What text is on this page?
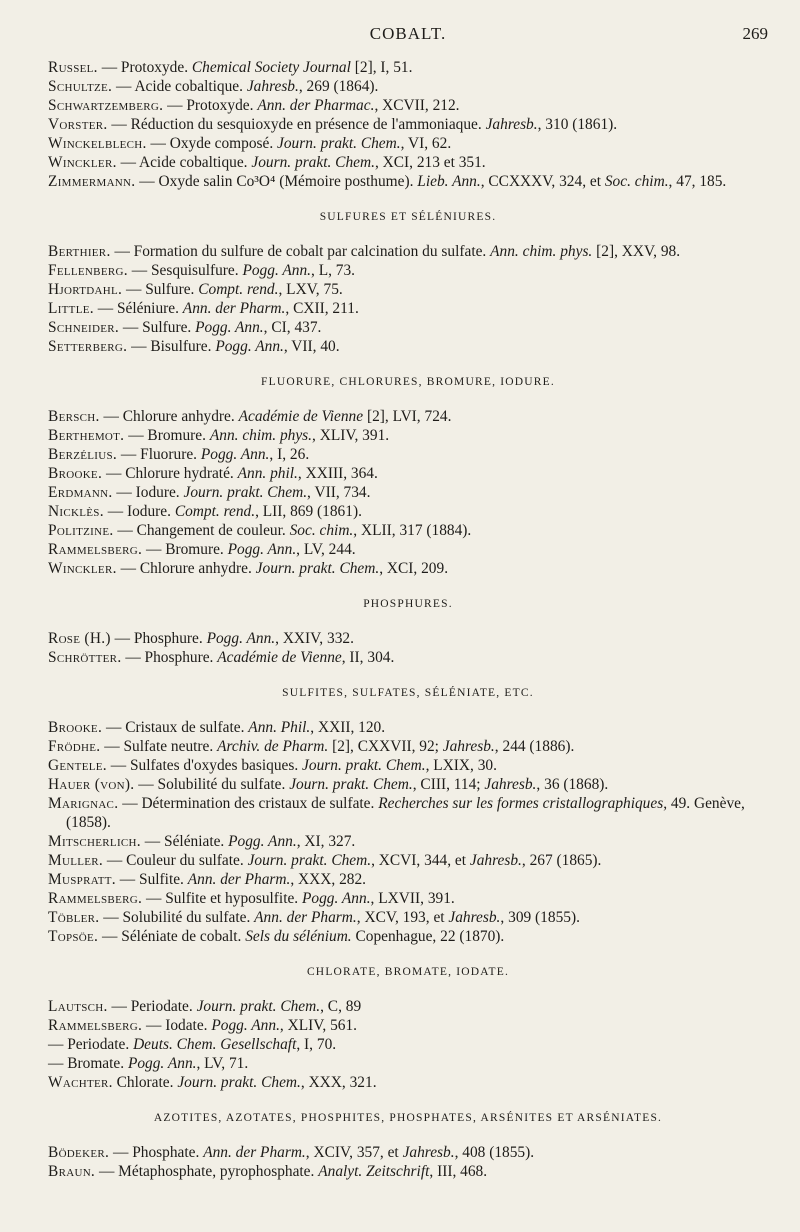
COBALT.	269

Russel. — Protoxyde. Chemical Society Journal [2], I, 51.

Schultze. — Acide cobaltique. Jahresb., 269 (1864).

Schwartzemberg. — Protoxyde. Ann. der Pharmac., XCVII, 212.

Vorster. — Réduction du sesquioxyde en présence de l'ammoniaque. Jahresb., 310 (1861).

Winckelblech. — Oxyde composé. Journ. prakt. Chem., VI, 62.

Winckler. — Acide cobaltique. Journ. prakt. Chem., XCI, 213 et 351.

Zimmermann. — Oxyde salin Co³O⁴ (Mémoire posthume). Lieb. Ann., CCXXXV, 324, et Soc. chim., 47, 185.

SULFURES ET SÉLÉNIURES.

Berthier. — Formation du sulfure de cobalt par calcination du sulfate. Ann. chim. phys. [2], XXV, 98.

Fellenberg. — Sesquisulfure. Pogg. Ann., L, 73.

Hjortdahl. — Sulfure. Compt. rend., LXV, 75.

Little. — Séléniure. Ann. der Pharm., CXII, 211.

Schneider. — Sulfure. Pogg. Ann., CI, 437.

Setterberg. — Bisulfure. Pogg. Ann., VII, 40.

FLUORURE, CHLORURES, BROMURE, IODURE.

Bersch. — Chlorure anhydre. Académie de Vienne [2], LVI, 724.

Berthemot. — Bromure. Ann. chim. phys., XLIV, 391.

Berzélius. — Fluorure. Pogg. Ann., I, 26.

Brooke. — Chlorure hydraté. Ann. phil., XXIII, 364.

Erdmann. — Iodure. Journ. prakt. Chem., VII, 734.

Nicklès. — Iodure. Compt. rend., LII, 869 (1861).

Politzine. — Changement de couleur. Soc. chim., XLII, 317 (1884).

Rammelsberg. — Bromure. Pogg. Ann., LV, 244.

Winckler. — Chlorure anhydre. Journ. prakt. Chem., XCI, 209.

PHOSPHURES.

Rose (H.) — Phosphure. Pogg. Ann., XXIV, 332.

Schrötter. — Phosphure. Académie de Vienne, II, 304.

SULFITES, SULFATES, SÉLÉNIATE, ETC.

Brooke. — Cristaux de sulfate. Ann. Phil., XXII, 120.

Frödhe. — Sulfate neutre. Archiv. de Pharm. [2], CXXVII, 92; Jahresb., 244 (1886).

Gentele. — Sulfates d'oxydes basiques. Journ. prakt. Chem., LXIX, 30.

Hauer (von). — Solubilité du sulfate. Journ. prakt. Chem., CIII, 114; Jahresb., 36 (1868).

Marignac. — Détermination des cristaux de sulfate. Recherches sur les formes cristallographiques, 49. Genève, (1858).

Mitscherlich. — Séléniate. Pogg. Ann., XI, 327.

Muller. — Couleur du sulfate. Journ. prakt. Chem., XCVI, 344, et Jahresb., 267 (1865).

Muspratt. — Sulfite. Ann. der Pharm., XXX, 282.

Rammelsberg. — Sulfite et hyposulfite. Pogg. Ann., LXVII, 391.

Töbler. — Solubilité du sulfate. Ann. der Pharm., XCV, 193, et Jahresb., 309 (1855).

Topsöe. — Séléniate de cobalt. Sels du sélénium. Copenhague, 22 (1870).

CHLORATE, BROMATE, IODATE.

Lautsch. — Periodate. Journ. prakt. Chem., C, 89

Rammelsberg. — Iodate. Pogg. Ann., XLIV, 561.

— Periodate. Deuts. Chem. Gesellschaft, I, 70.

— Bromate. Pogg. Ann., LV, 71.

Wachter. Chlorate. Journ. prakt. Chem., XXX, 321.

AZOTITES, AZOTATES, PHOSPHITES, PHOSPHATES, ARSÉNITES ET ARSÉNIATES.

Bödeker. — Phosphate. Ann. der Pharm., XCIV, 357, et Jahresb., 408 (1855).

Braun. — Métaphosphate, pyrophosphate. Analyt. Zeitschrift, III, 468.
